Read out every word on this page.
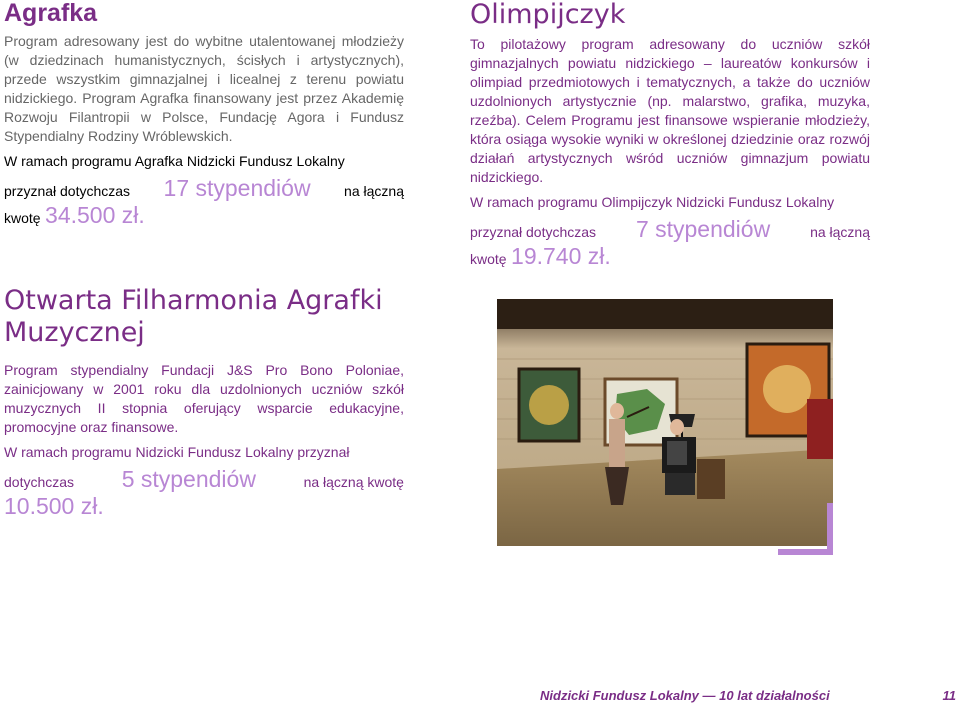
Agrafka

Program adresowany jest do wybitne utalentowanej młodzieży (w dziedzinach humanistycznych, ścisłych i artystycznych), przede wszystkim gimnazjalnej i licealnej z terenu powiatu nidzickiego. Program Agrafka finansowany jest przez Akademię Rozwoju Filantropii w Polsce, Fundację Agora i Fundusz Stypendialny Rodziny Wróblewskich.

W ramach programu Agrafka Nidzicki Fundusz Lokalny

przyznał dotychczas 17 stypendiów na łączną
kwotę 34.500 zł.
Olimpijczyk

To pilotażowy program adresowany do uczniów szkół gimnazjalnych powiatu nidzickiego – laureatów konkursów i olimpiad przedmiotowych i tematycznych, a także do uczniów uzdolnionych artystycznie (np. malarstwo, grafika, muzyka, rzeźba). Celem Programu jest finansowe wspieranie młodzieży, która osiąga wysokie wyniki w określonej dziedzinie oraz rozwój działań artystycznych wśród uczniów gimnazjum powiatu nidzickiego.

W ramach programu Olimpijczyk Nidzicki Fundusz Lokalny

przyznał dotychczas 7 stypendiów	na łączną
kwotę 19.740 zł.
Otwarta Filharmonia Agrafki Muzycznej

Program stypendialny Fundacji J&S Pro Bono Poloniae, zainicjowany w 2001 roku dla uzdolnionych uczniów szkół muzycznych II stopnia oferujący wsparcie edukacyjne, promocyjne oraz finansowe.

W ramach programu Nidzicki Fundusz Lokalny przyznał

dotychczas 5 stypendiów	na łączną kwotę
10.500 zł.
Nidzicki Fundusz Lokalny — 10 lat działalności	11
